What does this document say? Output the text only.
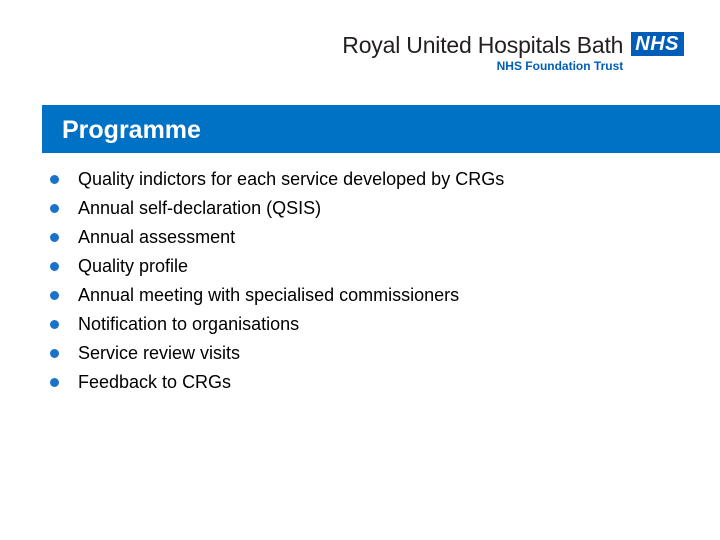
Royal United Hospitals Bath
NHS Foundation Trust
NHS
Programme
Quality indictors for each service developed by CRGs
Annual self-declaration (QSIS)
Annual assessment
Quality profile
Annual meeting with specialised commissioners
Notification to organisations
Service review visits
Feedback to CRGs
